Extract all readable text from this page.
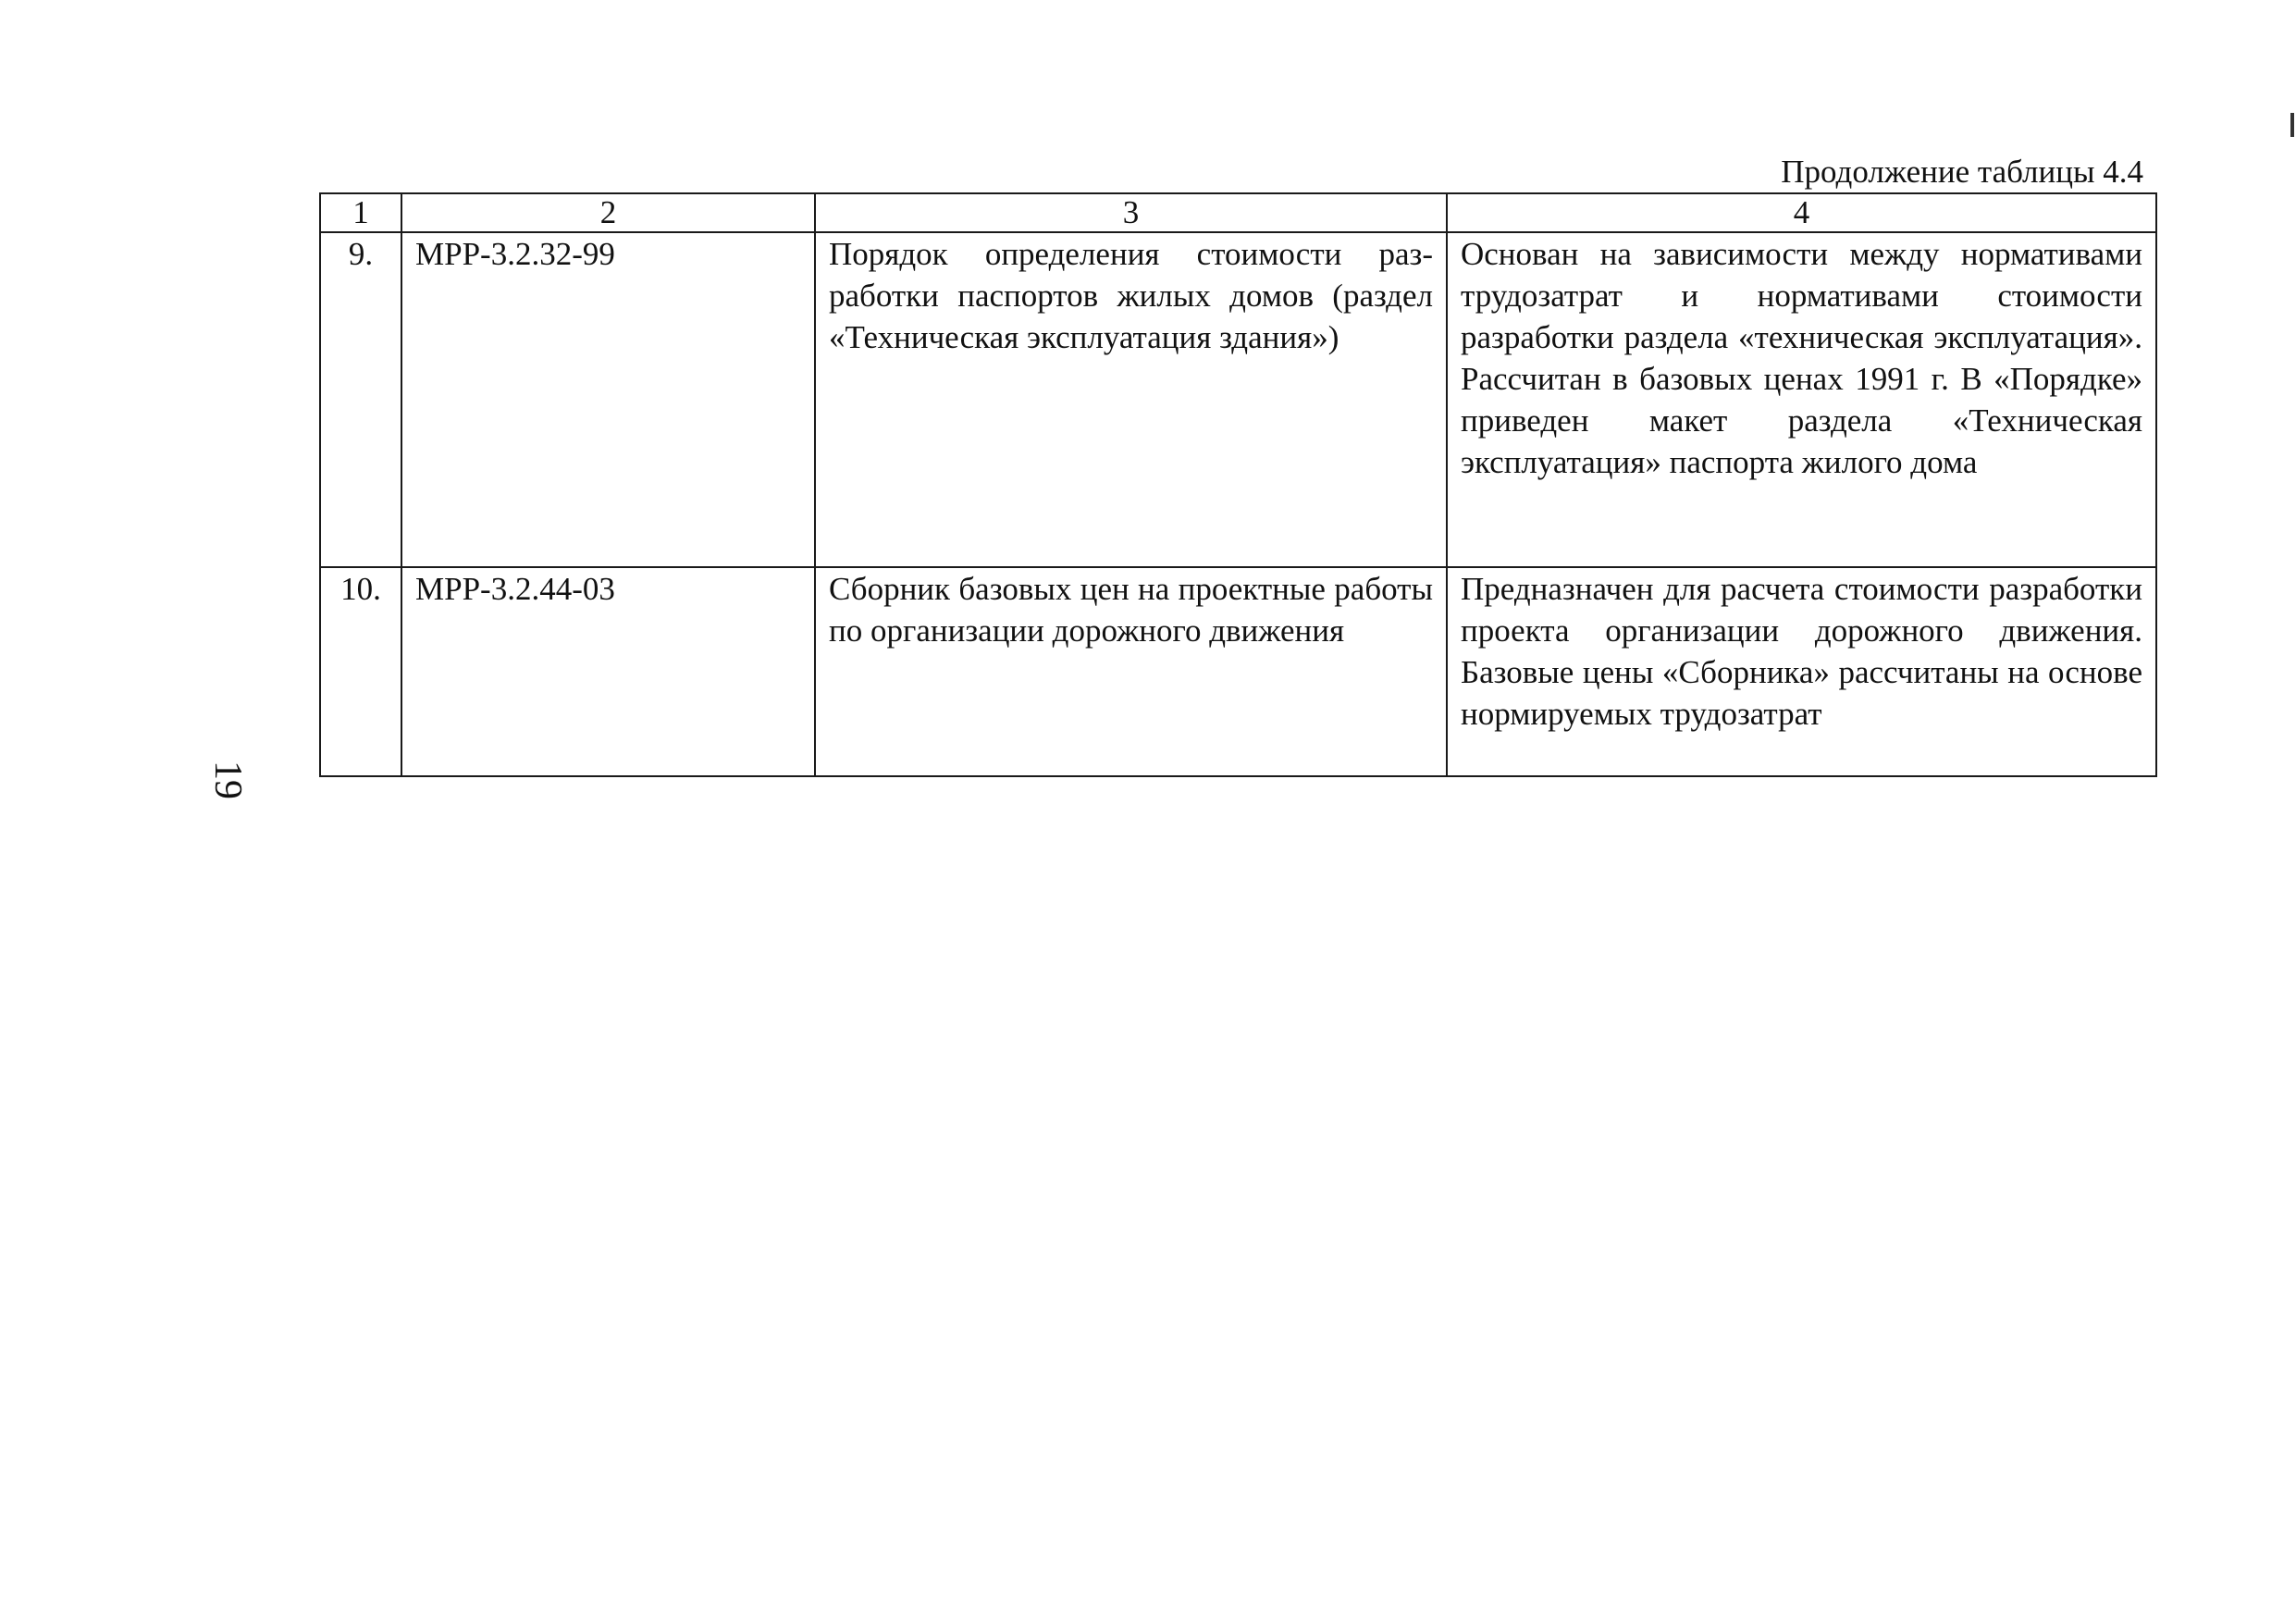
Продолжение таблицы 4.4
1	2	3	4
9.	МРР-3.2.32-99	Порядок определения стоимости разработки паспортов жилых домов (раздел «Техническая эксплуатация здания»)	Основан на зависимости между нормативами трудозатрат и нормативами стоимости разработки раздела «техническая эксплуатация». Рассчитан в базовых ценах 1991 г. В «Порядке» приведен макет раздела «Техническая эксплуатация» паспорта жилого дома
10.	МРР-3.2.44-03	Сборник базовых цен на проектные работы по организации дорожного движения	Предназначен для расчета стоимости разработки проекта организации дорожного движения. Базовые цены «Сборника» рассчитаны на основе нормируемых трудозатрат
19
